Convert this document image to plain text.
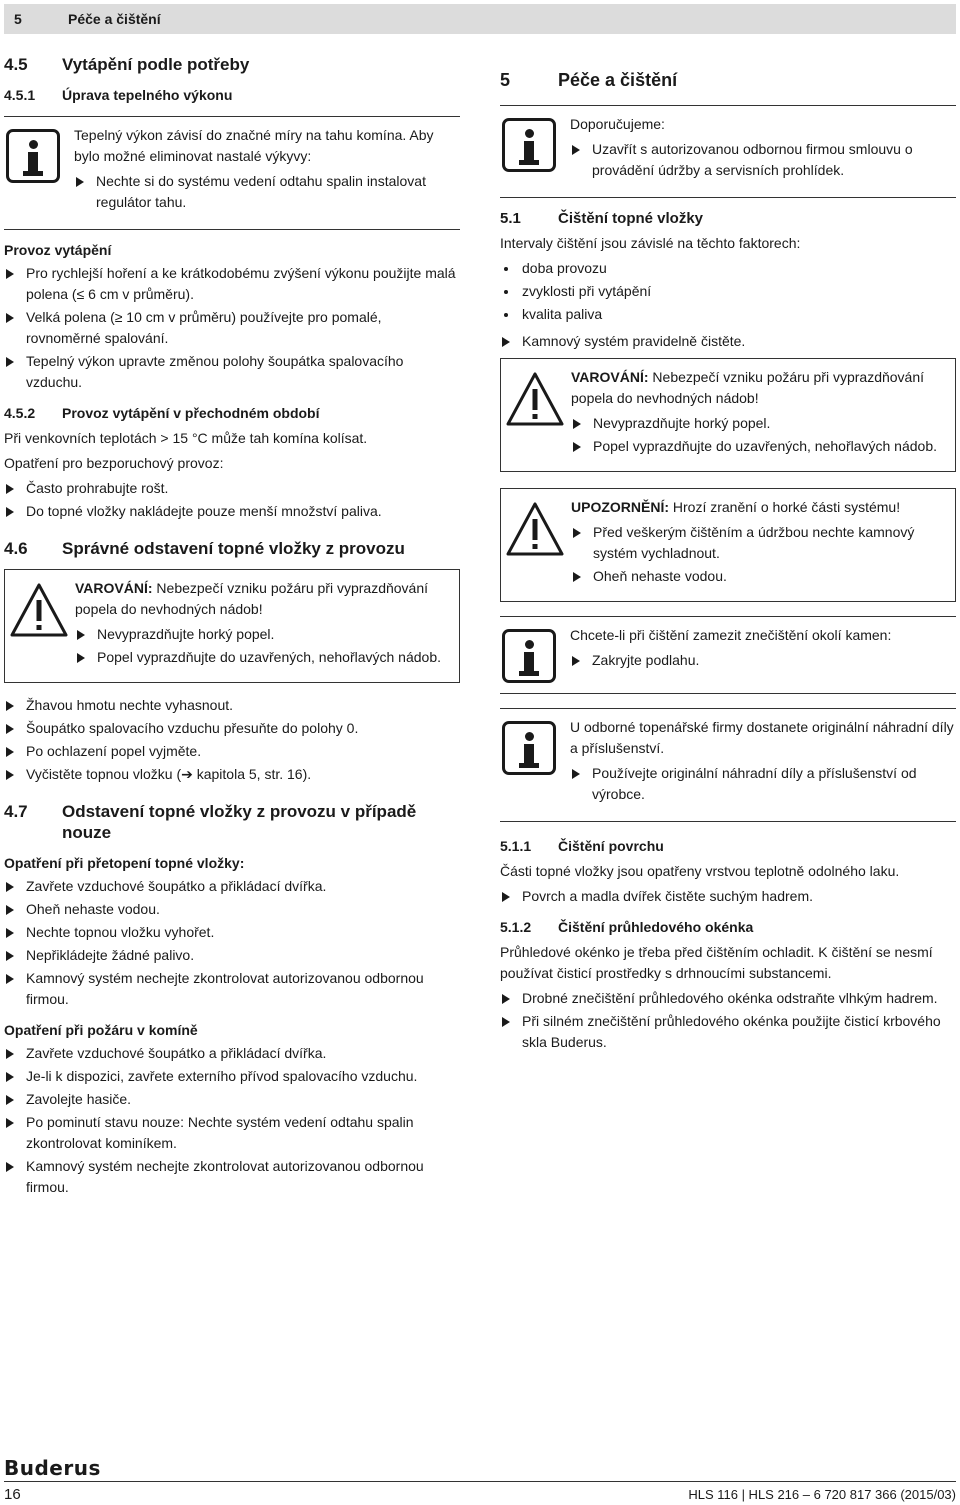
5	Péče a čištění
4.5	Vytápění podle potřeby
4.5.1	Úprava tepelného výkonu

Tepelný výkon závisí do značné míry na tahu komína. Aby bylo možné eliminovat nastalé výkyvy:

Nechte si do systému vedení odtahu spalin instalovat regulátor tahu.
Provoz vytápění
Pro rychlejší hoření a ke krátkodobému zvýšení výkonu použijte malá polena (≤ 6 cm v průměru).
Velká polena (≥ 10 cm v průměru) používejte pro pomalé, rovnoměrné spalování.
Tepelný výkon upravte změnou polohy šoupátka spalovacího vzduchu.
4.5.2	Provoz vytápění v přechodném období

Při venkovních teplotách > 15 °C může tah komína kolísat.

Opatření pro bezporuchový provoz:

Často prohrabujte rošt.
Do topné vložky nakládejte pouze menší množství paliva.
4.6	Správné odstavení topné vložky z provozu

VAROVÁNÍ: Nebezpečí vzniku požáru při vyprazdňování popela do nevhodných nádob!

Nevyprazdňujte horký popel.
Popel vyprazdňujte do uzavřených, nehořlavých nádob.
Žhavou hmotu nechte vyhasnout.
Šoupátko spalovacího vzduchu přesuňte do polohy 0.
Po ochlazení popel vyjměte.
Vyčistěte topnou vložku (➔ kapitola 5, str. 16).
4.7	Odstavení topné vložky z provozu v případě nouze
Opatření při přetopení topné vložky:
Zavřete vzduchové šoupátko a přikládací dvířka.
Oheň nehaste vodou.
Nechte topnou vložku vyhořet.
Nepřikládejte žádné palivo.
Kamnový systém nechejte zkontrolovat autorizovanou odbornou firmou.
Opatření při požáru v komíně
Zavřete vzduchové šoupátko a přikládací dvířka.
Je-li k dispozici, zavřete externího přívod spalovacího vzduchu.
Zavolejte hasiče.
Po pominutí stavu nouze: Nechte systém vedení odtahu spalin zkontrolovat kominíkem.
Kamnový systém nechejte zkontrolovat autorizovanou odbornou firmou.
5	Péče a čištění

Doporučujeme:

Uzavřít s autorizovanou odbornou firmou smlouvu o provádění údržby a servisních prohlídek.
5.1	Čištění topné vložky

Intervaly čištění jsou závislé na těchto faktorech:

doba provozu
zvyklosti při vytápění
kvalita paliva
Kamnový systém pravidelně čistěte.

VAROVÁNÍ: Nebezpečí vzniku požáru při vyprazdňování popela do nevhodných nádob!

Nevyprazdňujte horký popel.
Popel vyprazdňujte do uzavřených, nehořlavých nádob.

UPOZORNĚNÍ: Hrozí zranění o horké části systému!

Před veškerým čištěním a údržbou nechte kamnový systém vychladnout.
Oheň nehaste vodou.

Chcete-li při čištění zamezit znečištění okolí kamen:

Zakryjte podlahu.

U odborné topenářské firmy dostanete originální náhradní díly a příslušenství.

Používejte originální náhradní díly a příslušenství od výrobce.
5.1.1	Čištění povrchu

Části topné vložky jsou opatřeny vrstvou teplotně odolného laku.

Povrch a madla dvířek čistěte suchým hadrem.
5.1.2	Čištění průhledového okénka

Průhledové okénko je třeba před čištěním ochladit. K čištění se nesmí používat čisticí prostředky s drhnoucími substancemi.

Drobné znečištění průhledového okénka odstraňte vlhkým hadrem.
Při silném znečištění průhledového okénka použijte čisticí krbového skla Buderus.
Buderus
16	HLS 116 | HLS 216 – 6 720 817 366 (2015/03)
